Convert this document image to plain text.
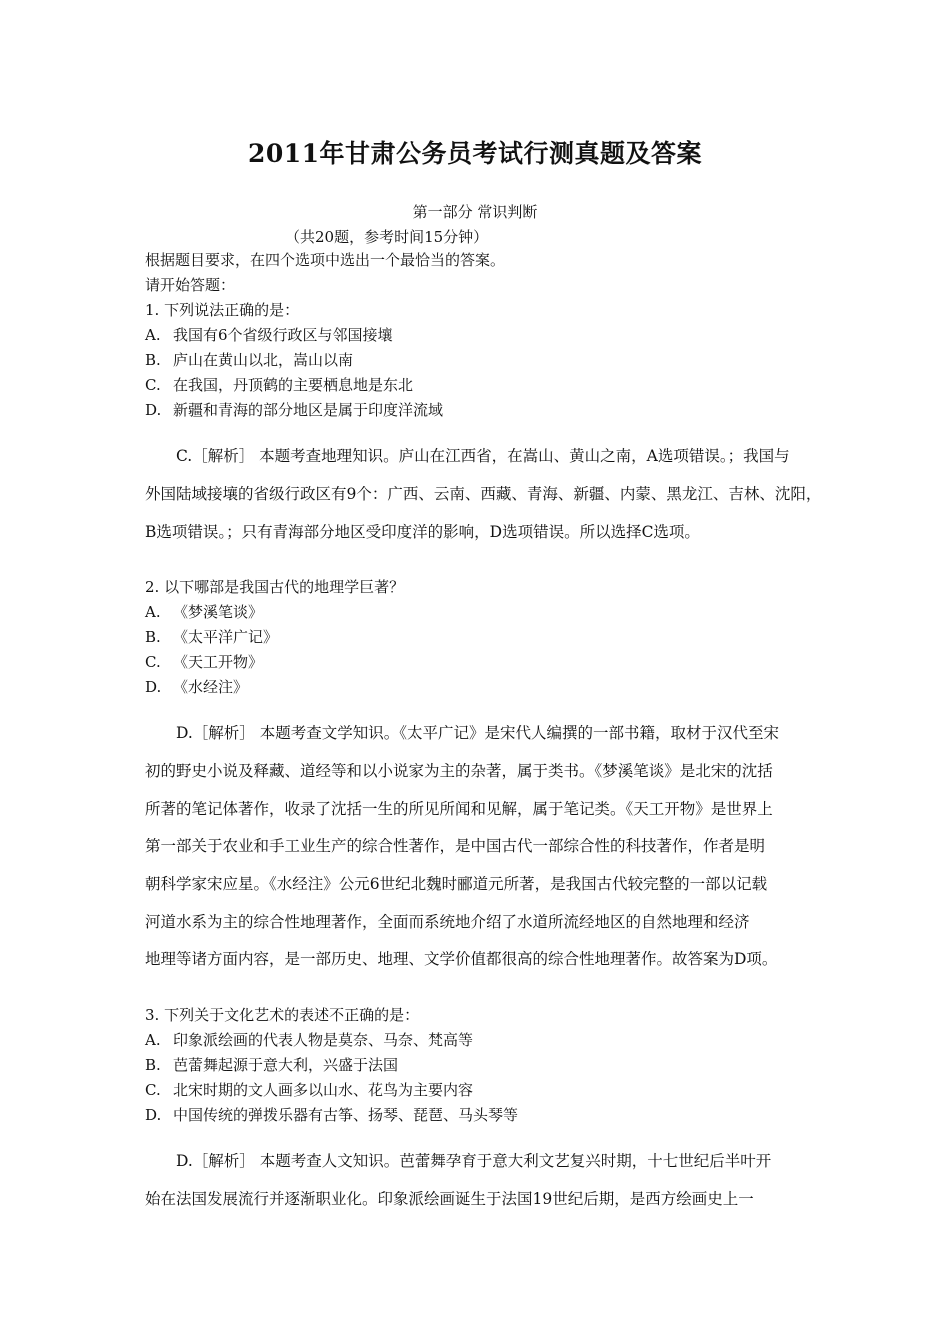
2011年甘肃公务员考试行测真题及答案
第一部分 常识判断
（共20题，参考时间15分钟）
根据题目要求，在四个选项中选出一个最恰当的答案。
请开始答题：
1. 下列说法正确的是：
A. 我国有6个省级行政区与邻国接壤
B. 庐山在黄山以北，嵩山以南
C. 在我国，丹顶鹤的主要栖息地是东北
D. 新疆和青海的部分地区是属于印度洋流域
　　C.［解析］ 本题考查地理知识。庐山在江西省，在嵩山、黄山之南，A选项错误。；我国与
外国陆域接壤的省级行政区有9个：广西、云南、西藏、青海、新疆、内蒙、黑龙江、吉林、沈阳，
B选项错误。；只有青海部分地区受印度洋的影响，D选项错误。所以选择C选项。
2. 以下哪部是我国古代的地理学巨著？
A. 《梦溪笔谈》
B. 《太平洋广记》
C. 《天工开物》
D. 《水经注》
　　D.［解析］ 本题考查文学知识。《太平广记》是宋代人编撰的一部书籍，取材于汉代至宋
初的野史小说及释藏、道经等和以小说家为主的杂著，属于类书。《梦溪笔谈》是北宋的沈括
所著的笔记体著作，收录了沈括一生的所见所闻和见解，属于笔记类。《天工开物》是世界上
第一部关于农业和手工业生产的综合性著作，是中国古代一部综合性的科技著作，作者是明
朝科学家宋应星。《水经注》公元6世纪北魏时郦道元所著，是我国古代较完整的一部以记载
河道水系为主的综合性地理著作，全面而系统地介绍了水道所流经地区的自然地理和经济
地理等诸方面内容，是一部历史、地理、文学价值都很高的综合性地理著作。故答案为D项。
3. 下列关于文化艺术的表述不正确的是：
A. 印象派绘画的代表人物是莫奈、马奈、梵高等
B. 芭蕾舞起源于意大利，兴盛于法国
C. 北宋时期的文人画多以山水、花鸟为主要内容
D. 中国传统的弹拨乐器有古筝、扬琴、琵琶、马头琴等
　　D.［解析］ 本题考查人文知识。芭蕾舞孕育于意大利文艺复兴时期，十七世纪后半叶开
始在法国发展流行并逐渐职业化。印象派绘画诞生于法国19世纪后期，是西方绘画史上一
